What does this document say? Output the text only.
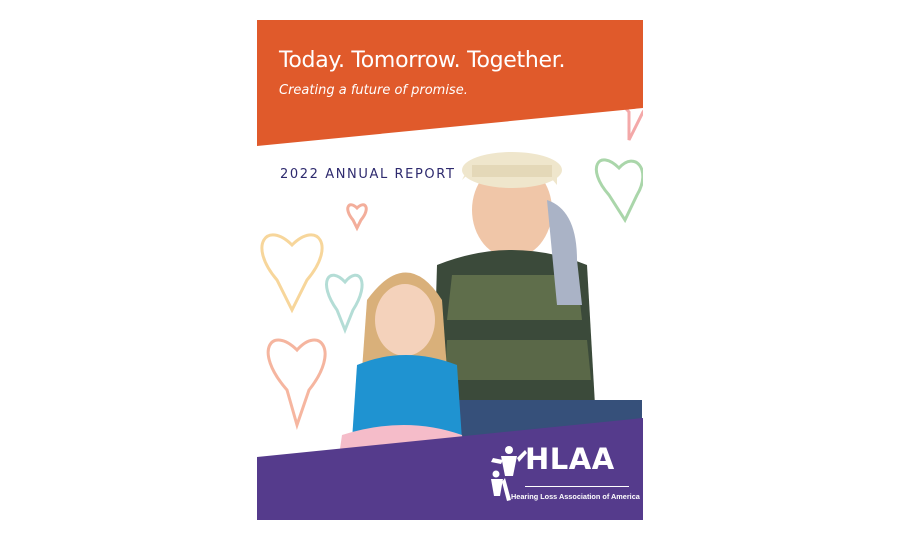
Today. Tomorrow. Together.
Creating a future of promise.
2022 ANNUAL REPORT
HLAA
Hearing Loss Association of America
